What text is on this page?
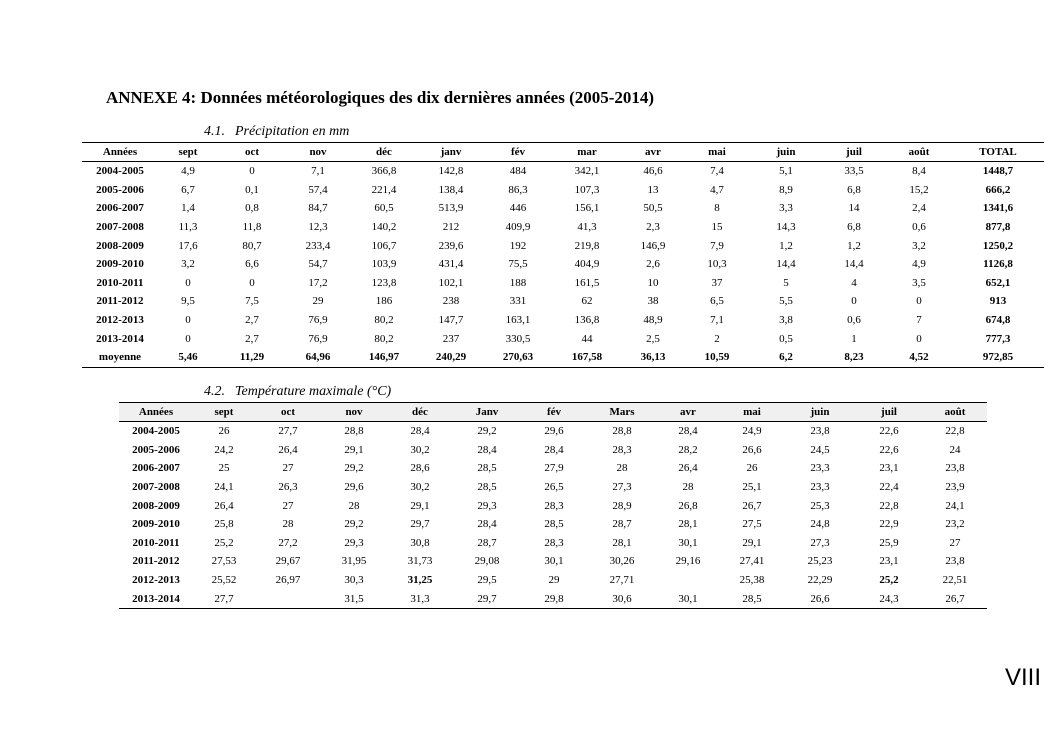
ANNEXE 4: Données météorologiques des dix dernières années (2005-2014)
4.1. Précipitation en mm
Années	sept	oct	nov	déc	janv	fév	mar	avr	mai	juin	juil	août	TOTAL
2004-2005	4,9	0	7,1	366,8	142,8	484	342,1	46,6	7,4	5,1	33,5	8,4	1448,7
2005-2006	6,7	0,1	57,4	221,4	138,4	86,3	107,3	13	4,7	8,9	6,8	15,2	666,2
2006-2007	1,4	0,8	84,7	60,5	513,9	446	156,1	50,5	8	3,3	14	2,4	1341,6
2007-2008	11,3	11,8	12,3	140,2	212	409,9	41,3	2,3	15	14,3	6,8	0,6	877,8
2008-2009	17,6	80,7	233,4	106,7	239,6	192	219,8	146,9	7,9	1,2	1,2	3,2	1250,2
2009-2010	3,2	6,6	54,7	103,9	431,4	75,5	404,9	2,6	10,3	14,4	14,4	4,9	1126,8
2010-2011	0	0	17,2	123,8	102,1	188	161,5	10	37	5	4	3,5	652,1
2011-2012	9,5	7,5	29	186	238	331	62	38	6,5	5,5	0	0	913
2012-2013	0	2,7	76,9	80,2	147,7	163,1	136,8	48,9	7,1	3,8	0,6	7	674,8
2013-2014	0	2,7	76,9	80,2	237	330,5	44	2,5	2	0,5	1	0	777,3
moyenne	5,46	11,29	64,96	146,97	240,29	270,63	167,58	36,13	10,59	6,2	8,23	4,52	972,85
4.2. Température maximale (°C)
Années	sept	oct	nov	déc	Janv	fév	Mars	avr	mai	juin	juil	août
2004-2005	26	27,7	28,8	28,4	29,2	29,6	28,8	28,4	24,9	23,8	22,6	22,8
2005-2006	24,2	26,4	29,1	30,2	28,4	28,4	28,3	28,2	26,6	24,5	22,6	24
2006-2007	25	27	29,2	28,6	28,5	27,9	28	26,4	26	23,3	23,1	23,8
2007-2008	24,1	26,3	29,6	30,2	28,5	26,5	27,3	28	25,1	23,3	22,4	23,9
2008-2009	26,4	27	28	29,1	29,3	28,3	28,9	26,8	26,7	25,3	22,8	24,1
2009-2010	25,8	28	29,2	29,7	28,4	28,5	28,7	28,1	27,5	24,8	22,9	23,2
2010-2011	25,2	27,2	29,3	30,8	28,7	28,3	28,1	30,1	29,1	27,3	25,9	27
2011-2012	27,53	29,67	31,95	31,73	29,08	30,1	30,26	29,16	27,41	25,23	23,1	23,8
2012-2013	25,52	26,97	30,3	31,25	29,5	29	27,71		25,38	22,29	25,2	22,51
2013-2014	27,7		31,5	31,3	29,7	29,8	30,6	30,1	28,5	26,6	24,3	26,7
VIII
